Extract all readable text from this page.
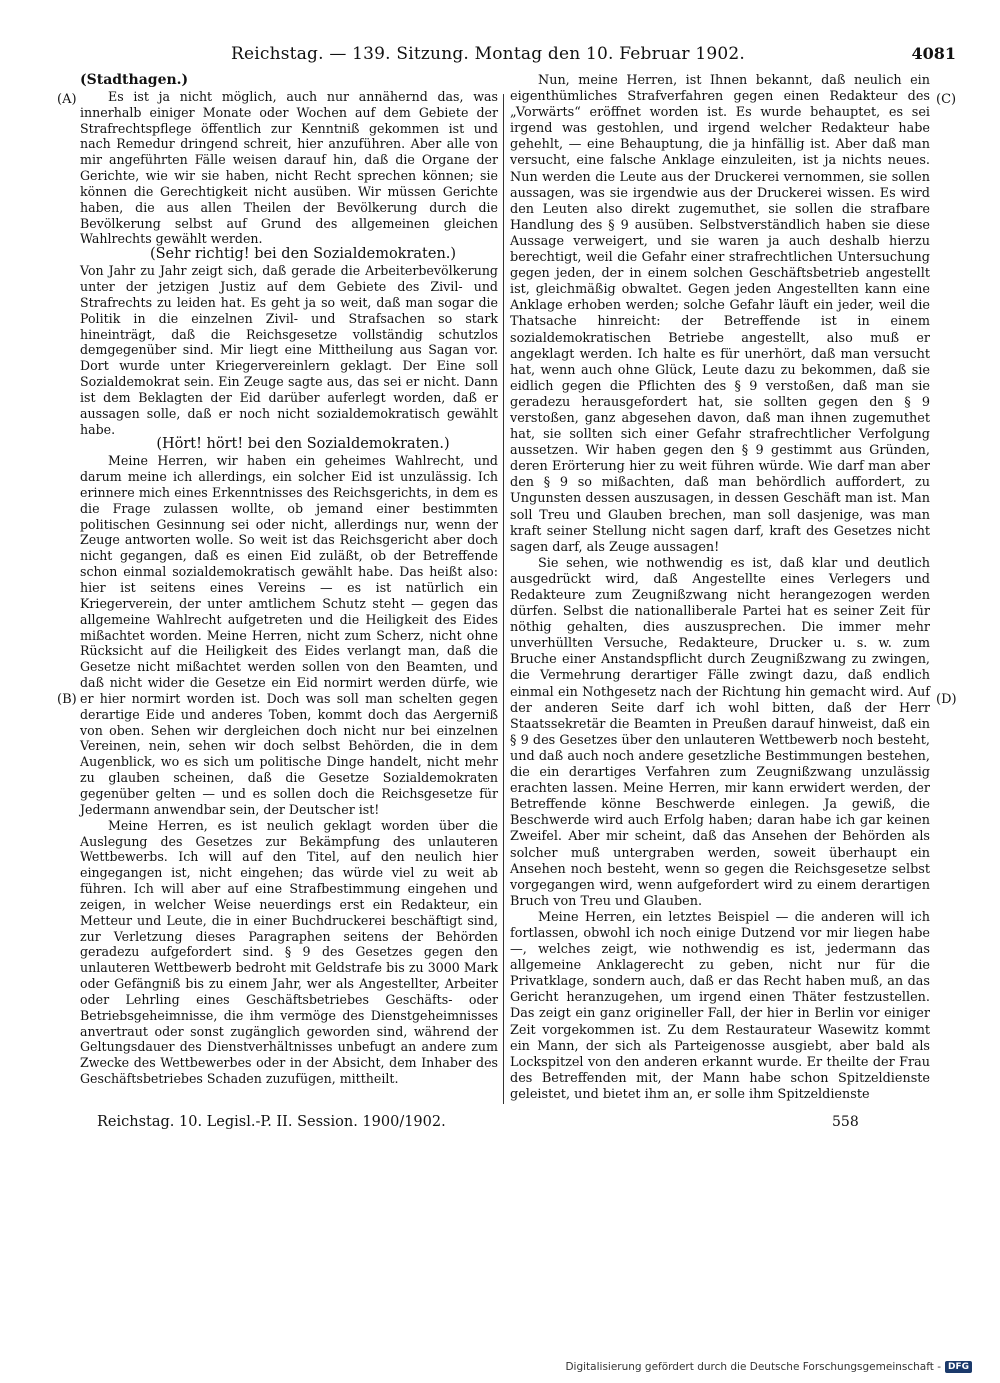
Reichstag. — 139. Sitzung. Montag den 10. Februar 1902.	4081
(A)
(B)
(C)
(D)
(Stadthagen.)

Es ist ja nicht möglich, auch nur annähernd das, was innerhalb einiger Monate oder Wochen auf dem Gebiete der Strafrechtspflege öffentlich zur Kenntniß gekommen ist und nach Remedur dringend schreit, hier anzuführen. Aber alle von mir angeführten Fälle weisen darauf hin, daß die Organe der Gerichte, wie wir sie haben, nicht Recht sprechen können; sie können die Gerechtigkeit nicht ausüben. Wir müssen Gerichte haben, die aus allen Theilen der Bevölkerung durch die Bevölkerung selbst auf Grund des allgemeinen gleichen Wahlrechts gewählt werden.

(Sehr richtig! bei den Sozialdemokraten.)

Von Jahr zu Jahr zeigt sich, daß gerade die Arbeiterbevölkerung unter der jetzigen Justiz auf dem Gebiete des Zivil- und Strafrechts zu leiden hat. Es geht ja so weit, daß man sogar die Politik in die einzelnen Zivil- und Strafsachen so stark hineinträgt, daß die Reichsgesetze vollständig schutzlos demgegenüber sind. Mir liegt eine Mittheilung aus Sagan vor. Dort wurde unter Kriegervereinlern geklagt. Der Eine soll Sozialdemokrat sein. Ein Zeuge sagte aus, das sei er nicht. Dann ist dem Beklagten der Eid darüber auferlegt worden, daß er aussagen solle, daß er noch nicht sozialdemokratisch gewählt habe.

(Hört! hört! bei den Sozialdemokraten.)

Meine Herren, wir haben ein geheimes Wahlrecht, und darum meine ich allerdings, ein solcher Eid ist unzulässig. Ich erinnere mich eines Erkenntnisses des Reichsgerichts, in dem es die Frage zulassen wollte, ob jemand einer bestimmten politischen Gesinnung sei oder nicht, allerdings nur, wenn der Zeuge antworten wolle. So weit ist das Reichsgericht aber doch nicht gegangen, daß es einen Eid zuläßt, ob der Betreffende schon einmal sozialdemokratisch gewählt habe. Das heißt also: hier ist seitens eines Vereins — es ist natürlich ein Kriegerverein, der unter amtlichem Schutz steht — gegen das allgemeine Wahlrecht aufgetreten und die Heiligkeit des Eides mißachtet worden. Meine Herren, nicht zum Scherz, nicht ohne Rücksicht auf die Heiligkeit des Eides verlangt man, daß die Gesetze nicht mißachtet werden sollen von den Beamten, und daß nicht wider die Gesetze ein Eid normirt werden dürfe, wie er hier normirt worden ist. Doch was soll man schelten gegen derartige Eide und anderes Toben, kommt doch das Aergerniß von oben. Sehen wir dergleichen doch nicht nur bei einzelnen Vereinen, nein, sehen wir doch selbst Behörden, die in dem Augenblick, wo es sich um politische Dinge handelt, nicht mehr zu glauben scheinen, daß die Gesetze Sozialdemokraten gegenüber gelten — und es sollen doch die Reichsgesetze für Jedermann anwendbar sein, der Deutscher ist!

Meine Herren, es ist neulich geklagt worden über die Auslegung des Gesetzes zur Bekämpfung des unlauteren Wettbewerbs. Ich will auf den Titel, auf den neulich hier eingegangen ist, nicht eingehen; das würde viel zu weit ab führen. Ich will aber auf eine Strafbestimmung eingehen und zeigen, in welcher Weise neuerdings erst ein Redakteur, ein Metteur und Leute, die in einer Buchdruckerei beschäftigt sind, zur Verletzung dieses Paragraphen seitens der Behörden geradezu aufgefordert sind. § 9 des Gesetzes gegen den unlauteren Wettbewerb bedroht mit Geldstrafe bis zu 3000 Mark oder Gefängniß bis zu einem Jahr, wer als Angestellter, Arbeiter oder Lehrling eines Geschäftsbetriebes Geschäfts- oder Betriebsgeheimnisse, die ihm vermöge des Dienstgeheimnisses anvertraut oder sonst zugänglich geworden sind, während der Geltungsdauer des Dienstverhältnisses unbefugt an andere zum Zwecke des Wettbewerbes oder in der Absicht, dem Inhaber des Geschäftsbetriebes Schaden zuzufügen, mittheilt.

Nun, meine Herren, ist Ihnen bekannt, daß neulich ein eigenthümliches Strafverfahren gegen einen Redakteur des „Vorwärts“ eröffnet worden ist. Es wurde behauptet, es sei irgend was gestohlen, und irgend welcher Redakteur habe gehehlt, — eine Behauptung, die ja hinfällig ist. Aber daß man versucht, eine falsche Anklage einzuleiten, ist ja nichts neues. Nun werden die Leute aus der Druckerei vernommen, sie sollen aussagen, was sie irgendwie aus der Druckerei wissen. Es wird den Leuten also direkt zugemuthet, sie sollen die strafbare Handlung des § 9 ausüben. Selbstverständlich haben sie diese Aussage verweigert, und sie waren ja auch deshalb hierzu berechtigt, weil die Gefahr einer strafrechtlichen Untersuchung gegen jeden, der in einem solchen Geschäftsbetrieb angestellt ist, gleichmäßig obwaltet. Gegen jeden Angestellten kann eine Anklage erhoben werden; solche Gefahr läuft ein jeder, weil die Thatsache hinreicht: der Betreffende ist in einem sozialdemokratischen Betriebe angestellt, also muß er angeklagt werden. Ich halte es für unerhört, daß man versucht hat, wenn auch ohne Glück, Leute dazu zu bekommen, daß sie eidlich gegen die Pflichten des § 9 verstoßen, daß man sie geradezu herausgefordert hat, sie sollten gegen den § 9 verstoßen, ganz abgesehen davon, daß man ihnen zugemuthet hat, sie sollten sich einer Gefahr strafrechtlicher Verfolgung aussetzen. Wir haben gegen den § 9 gestimmt aus Gründen, deren Erörterung hier zu weit führen würde. Wie darf man aber den § 9 so mißachten, daß man behördlich auffordert, zu Ungunsten dessen auszusagen, in dessen Geschäft man ist. Man soll Treu und Glauben brechen, man soll dasjenige, was man kraft seiner Stellung nicht sagen darf, kraft des Gesetzes nicht sagen darf, als Zeuge aussagen!

Sie sehen, wie nothwendig es ist, daß klar und deutlich ausgedrückt wird, daß Angestellte eines Verlegers und Redakteure zum Zeugnißzwang nicht herangezogen werden dürfen. Selbst die nationalliberale Partei hat es seiner Zeit für nöthig gehalten, dies auszusprechen. Die immer mehr unverhüllten Versuche, Redakteure, Drucker u. s. w. zum Bruche einer Anstandspflicht durch Zeugnißzwang zu zwingen, die Vermehrung derartiger Fälle zwingt dazu, daß endlich einmal ein Nothgesetz nach der Richtung hin gemacht wird. Auf der anderen Seite darf ich wohl bitten, daß der Herr Staatssekretär die Beamten in Preußen darauf hinweist, daß ein § 9 des Gesetzes über den unlauteren Wettbewerb noch besteht, und daß auch noch andere gesetzliche Bestimmungen bestehen, die ein derartiges Verfahren zum Zeugnißzwang unzulässig erachten lassen. Meine Herren, mir kann erwidert werden, der Betreffende könne Beschwerde einlegen. Ja gewiß, die Beschwerde wird auch Erfolg haben; daran habe ich gar keinen Zweifel. Aber mir scheint, daß das Ansehen der Behörden als solcher muß untergraben werden, soweit überhaupt ein Ansehen noch besteht, wenn so gegen die Reichsgesetze selbst vorgegangen wird, wenn aufgefordert wird zu einem derartigen Bruch von Treu und Glauben.

Meine Herren, ein letztes Beispiel — die anderen will ich fortlassen, obwohl ich noch einige Dutzend vor mir liegen habe —, welches zeigt, wie nothwendig es ist, jedermann das allgemeine Anklagerecht zu geben, nicht nur für die Privatklage, sondern auch, daß er das Recht haben muß, an das Gericht heranzugehen, um irgend einen Thäter festzustellen. Das zeigt ein ganz origineller Fall, der hier in Berlin vor einiger Zeit vorgekommen ist. Zu dem Restaurateur Wasewitz kommt ein Mann, der sich als Parteigenosse ausgiebt, aber bald als Lockspitzel von den anderen erkannt wurde. Er theilte der Frau des Betreffenden mit, der Mann habe schon Spitzeldienste geleistet, und bietet ihm an, er solle ihm Spitzeldienste

Reichstag. 10. Legisl.-P. II. Session. 1900/1902.	558
Digitalisierung gefördert durch die Deutsche Forschungsgemeinschaft - DFG
